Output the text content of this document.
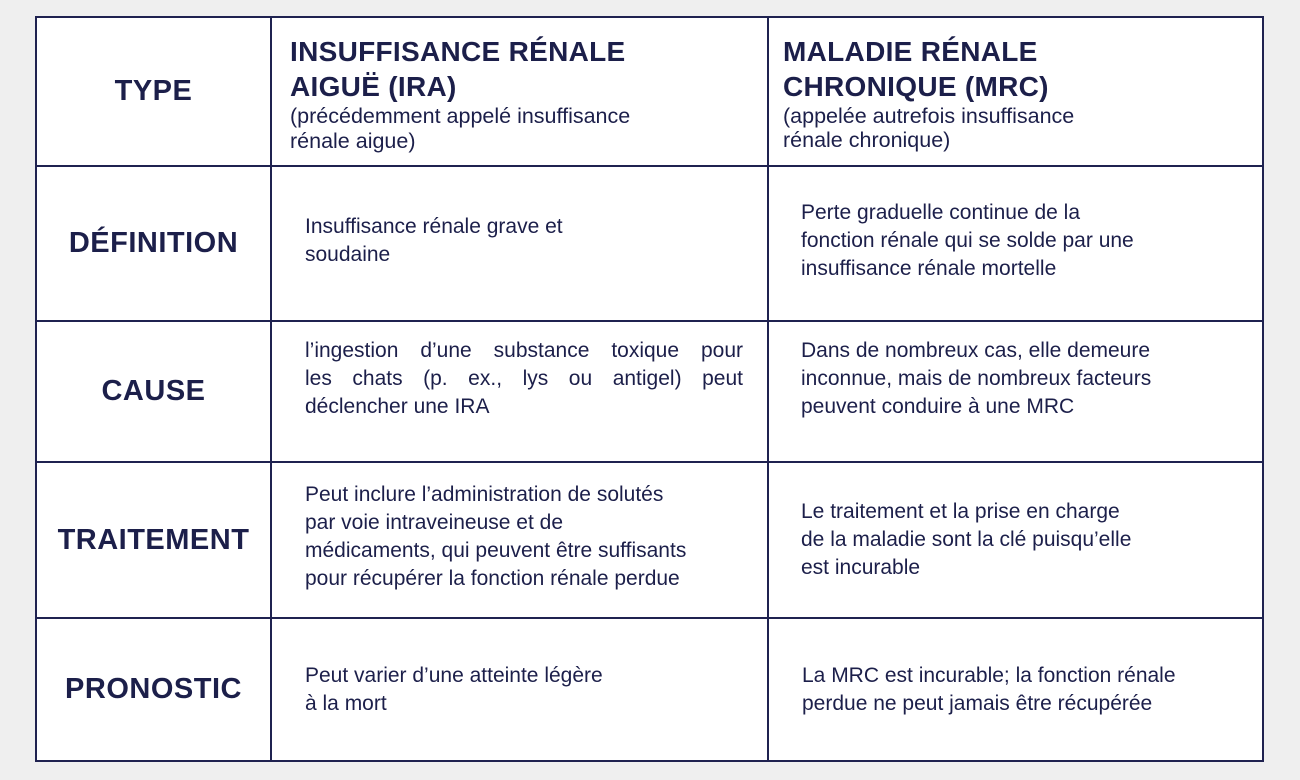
TYPE
INSUFFISANCE RÉNALE
AIGUË (IRA)
(précédemment appelé insuffisance
rénale aigue)
MALADIE RÉNALE
CHRONIQUE (MRC)
(appelée autrefois insuffisance
rénale chronique)
DÉFINITION
Insuffisance rénale grave et
soudaine
Perte graduelle continue de la
fonction rénale qui se solde par une
insuffisance rénale mortelle
CAUSE
l’ingestion d’une substance toxique pour
les chats (p. ex., lys ou antigel) peut
déclencher une IRA
Dans de nombreux cas, elle demeure
inconnue, mais de nombreux facteurs
peuvent conduire à une MRC
TRAITEMENT
Peut inclure l’administration de solutés
par voie intraveineuse et de
médicaments, qui peuvent être suffisants
pour récupérer la fonction rénale perdue
Le traitement et la prise en charge
de la maladie sont la clé puisqu’elle
est incurable
PRONOSTIC	Peut varier d’une atteinte légère
à la mort
La MRC est incurable; la fonction rénale
perdue ne peut jamais être récupérée
